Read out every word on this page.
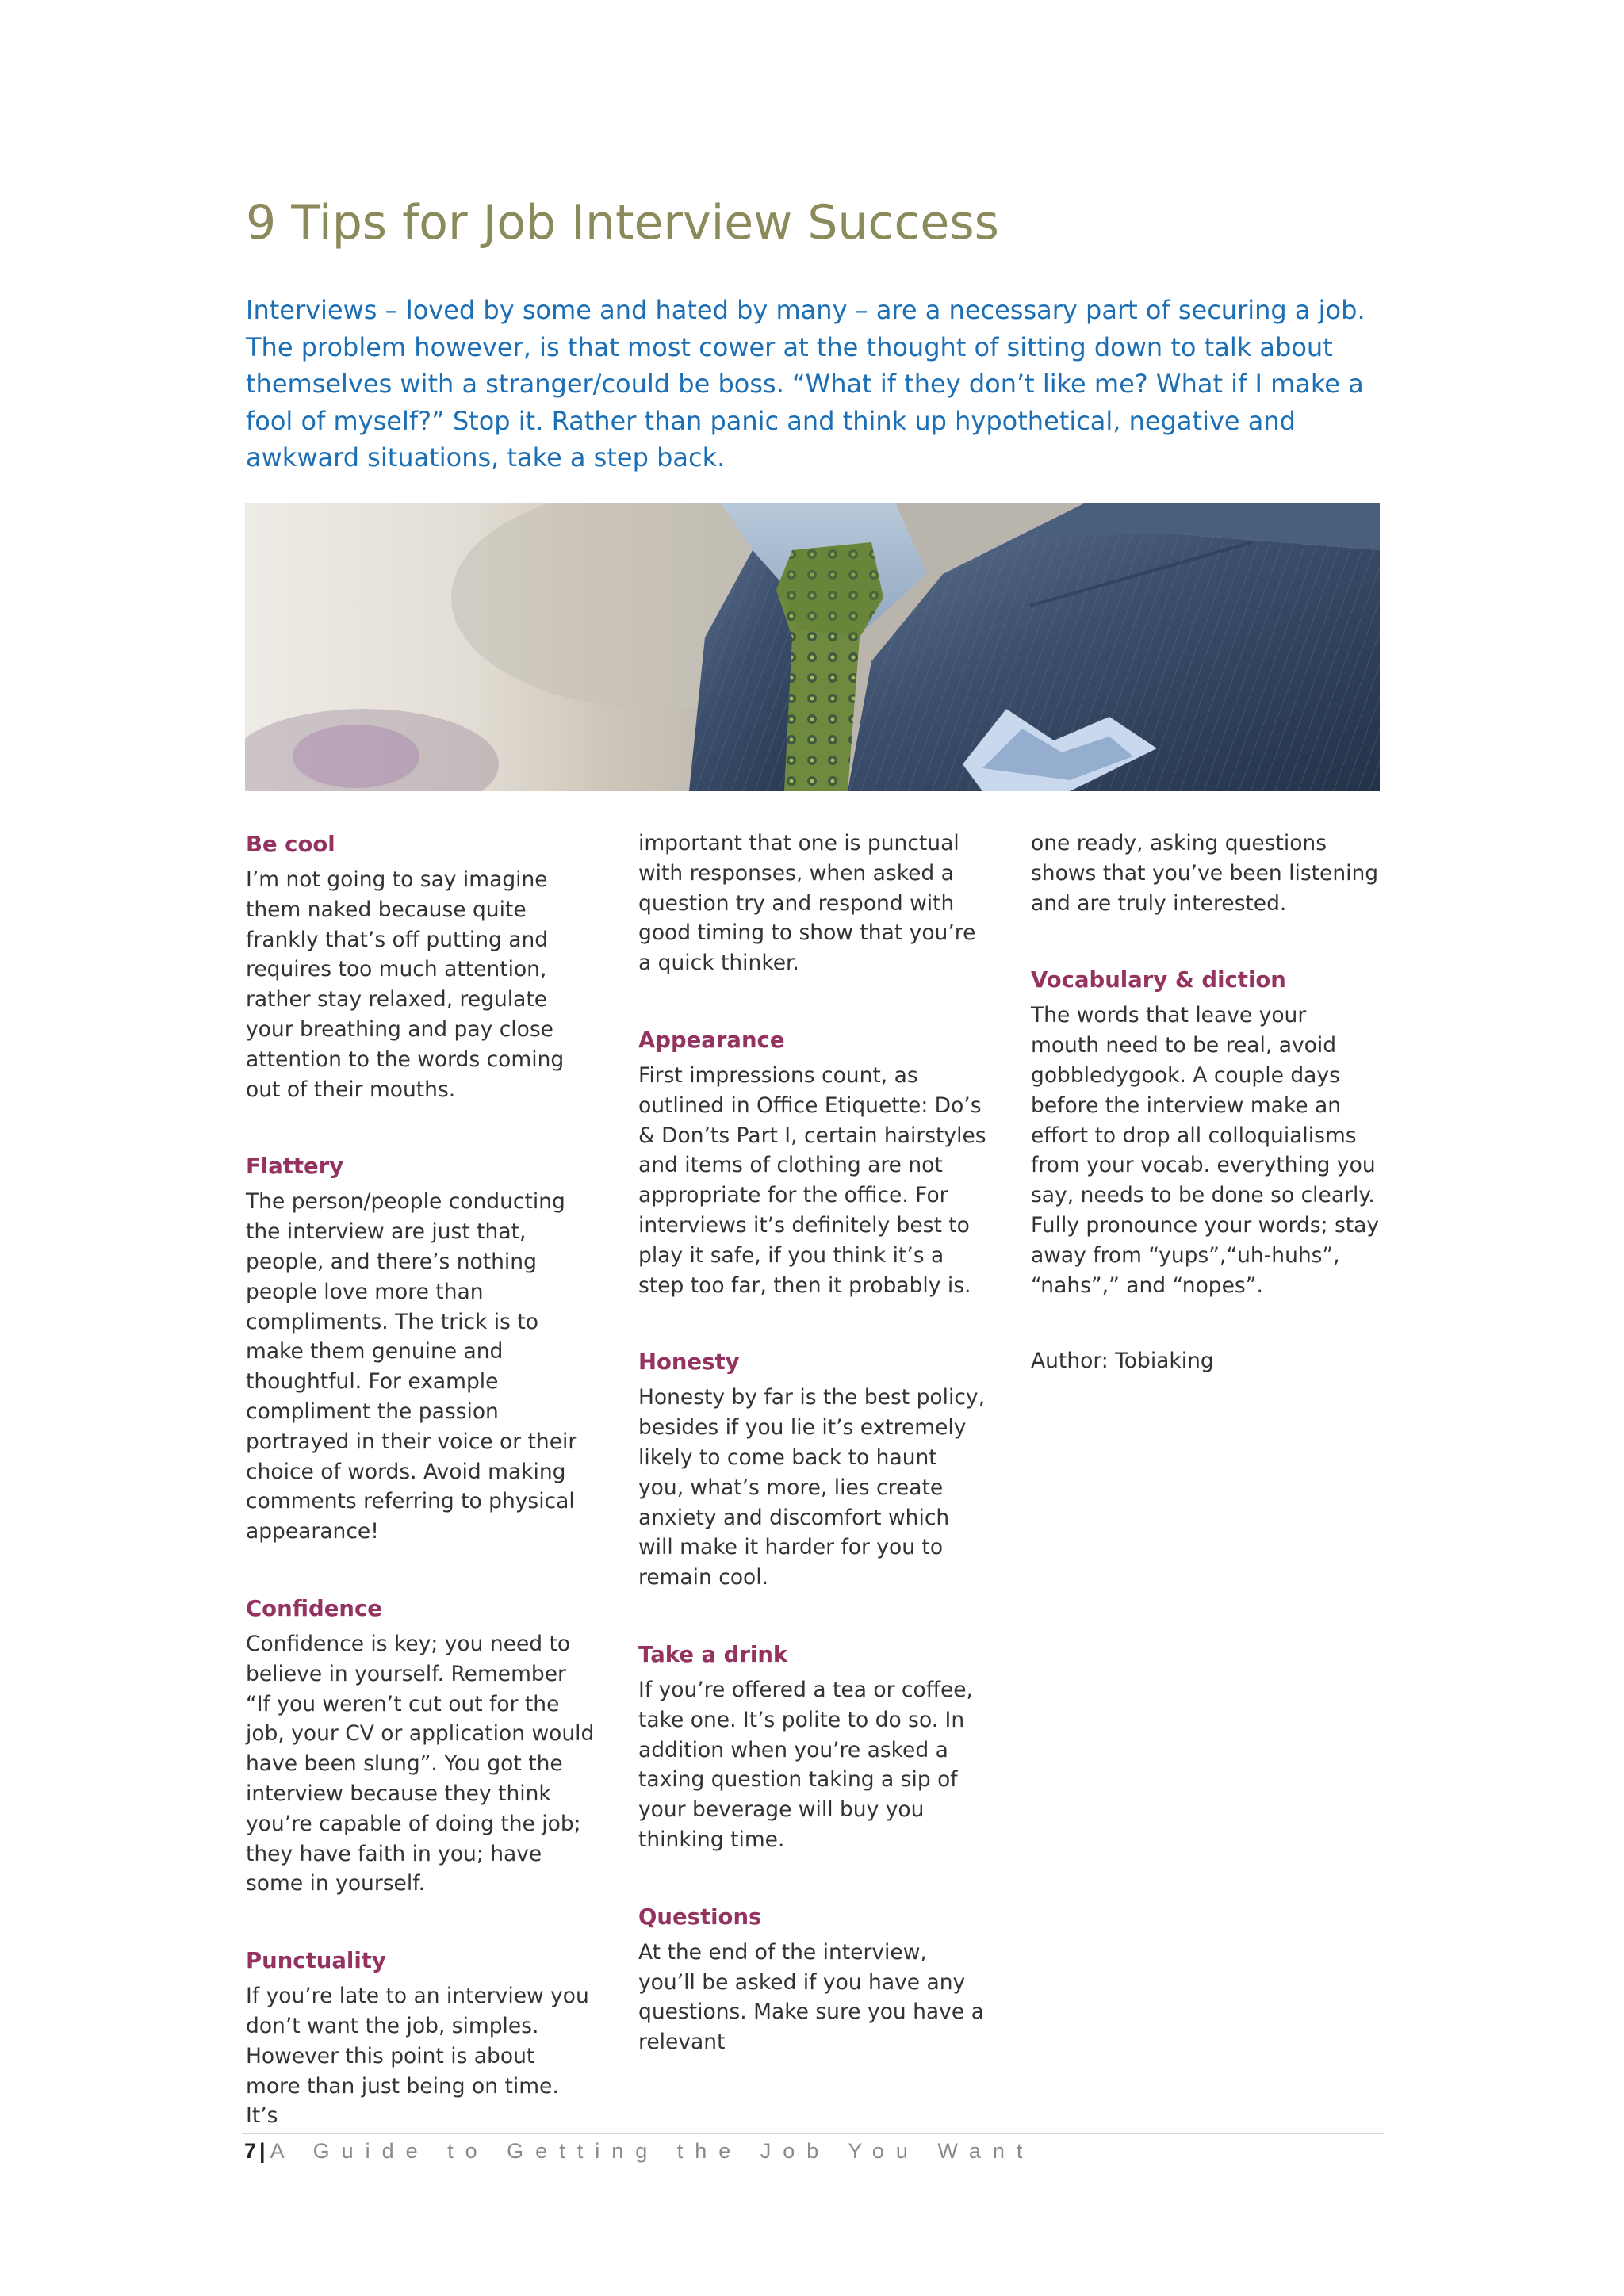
9 Tips for Job Interview Success

Interviews – loved by some and hated by many – are a necessary part of securing a job. The problem however, is that most cower at the thought of sitting down to talk about themselves with a stranger/could be boss. “What if they don’t like me? What if I make a fool of myself?” Stop it. Rather than panic and think up hypothetical, negative and awkward situations, take a step back.

Be cool

I’m not going to say imagine them naked because quite frankly that’s off putting and requires too much attention, rather stay relaxed, regulate your breathing and pay close attention to the words coming out of their mouths.

Flattery

The person/people conducting the interview are just that, people, and there’s nothing people love more than compliments. The trick is to make them genuine and thoughtful. For example compliment the passion portrayed in their voice or their choice of words. Avoid making comments referring to physical appearance!

Confidence

Confidence is key; you need to believe in yourself. Remember “If you weren’t cut out for the job, your CV or application would have been slung”. You got the interview because they think you’re capable of doing the job; they have faith in you; have some in yourself.

Punctuality

If you’re late to an interview you don’t want the job, simples. However this point is about more than just being on time. It’s

important that one is punctual with responses, when asked a question try and respond with good timing to show that you’re a quick thinker.

Appearance

First impressions count, as outlined in Office Etiquette: Do’s & Don’ts Part I, certain hairstyles and items of clothing are not appropriate for the office. For interviews it’s definitely best to play it safe, if you think it’s a step too far, then it probably is.

Honesty

Honesty by far is the best policy, besides if you lie it’s extremely likely to come back to haunt you, what’s more, lies create anxiety and discomfort which will make it harder for you to remain cool.

Take a drink

If you’re offered a tea or coffee, take one. It’s polite to do so. In addition when you’re asked a taxing question taking a sip of your beverage will buy you thinking time.

Questions

At the end of the interview, you’ll be asked if you have any questions. Make sure you have a relevant

one ready, asking questions shows that you’ve been listening and are truly interested.

Vocabulary & diction

The words that leave your mouth need to be real, avoid gobbledygook. A couple days before the interview make an effort to drop all colloquialisms from your vocab. everything you say, needs to be done so clearly. Fully pronounce your words; stay away from “yups”,“uh-huhs”, “nahs”,” and “nopes”.

Author: Tobiaking

7 | A Guide to Getting the Job You Want
